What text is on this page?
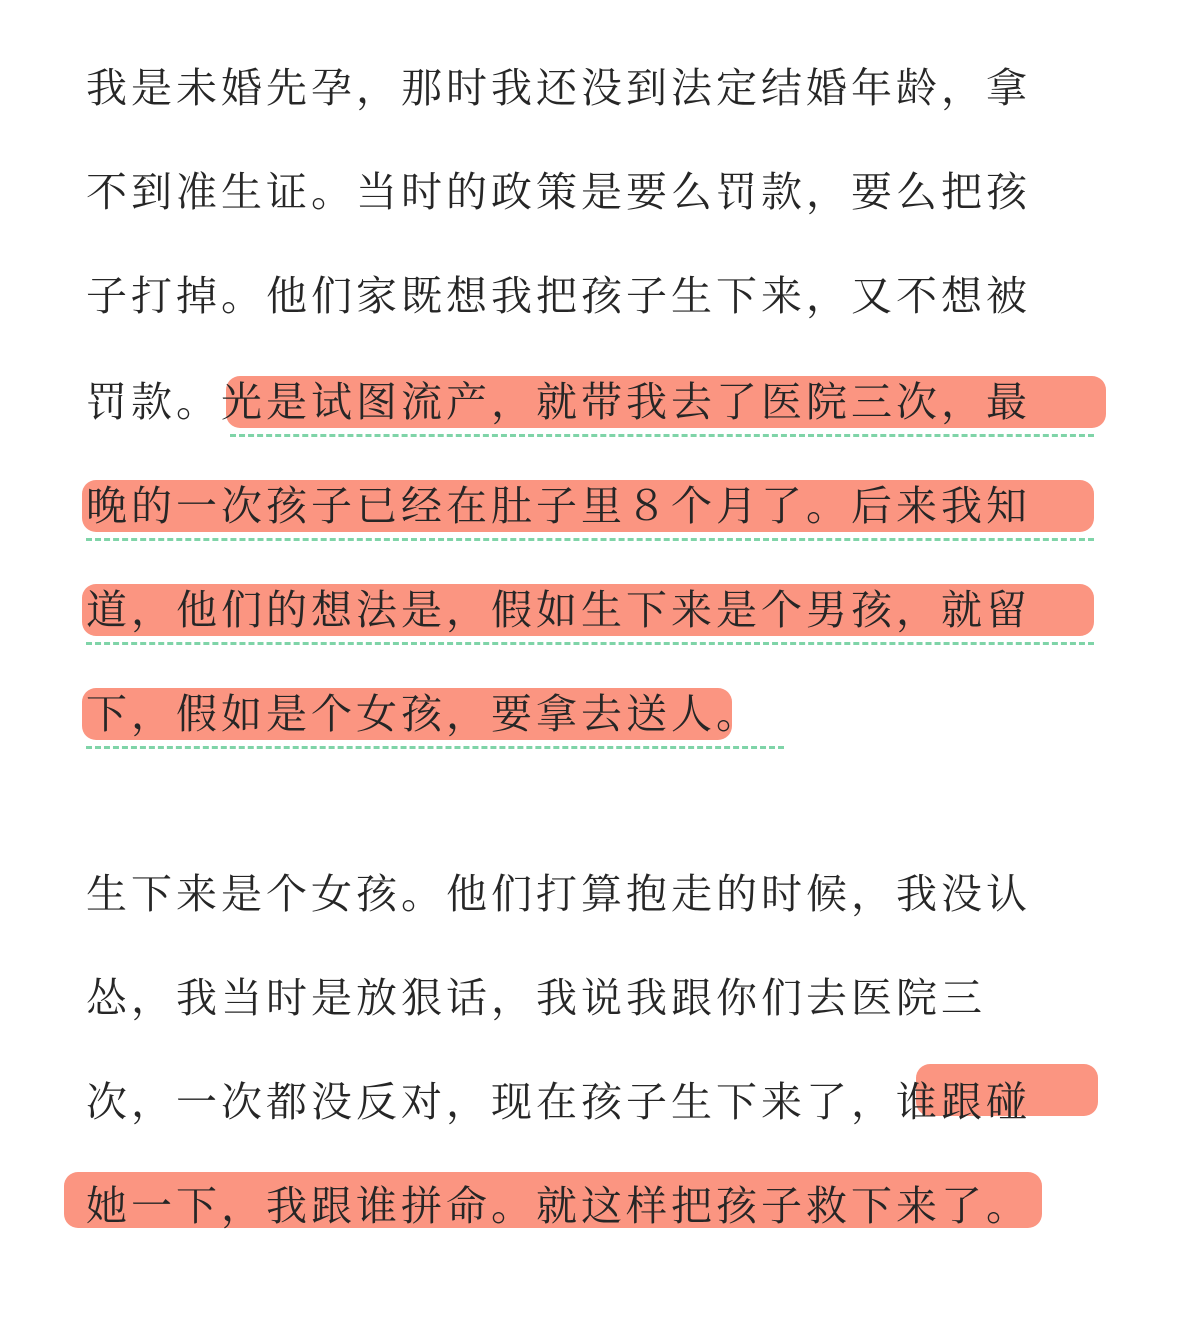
我是未婚先孕，那时我还没到法定结婚年龄，拿
不到准生证。当时的政策是要么罚款，要么把孩
子打掉。他们家既想我把孩子生下来，又不想被
罚款。光是试图流产，就带我去了医院三次，最
晚的一次孩子已经在肚子里８个月了。后来我知
道，他们的想法是，假如生下来是个男孩，就留
下，假如是个女孩，要拿去送人。
生下来是个女孩。他们打算抱走的时候，我没认
怂，我当时是放狠话，我说我跟你们去医院三
次，一次都没反对，现在孩子生下来了，谁跟碰
她一下，我跟谁拼命。就这样把孩子救下来了。
